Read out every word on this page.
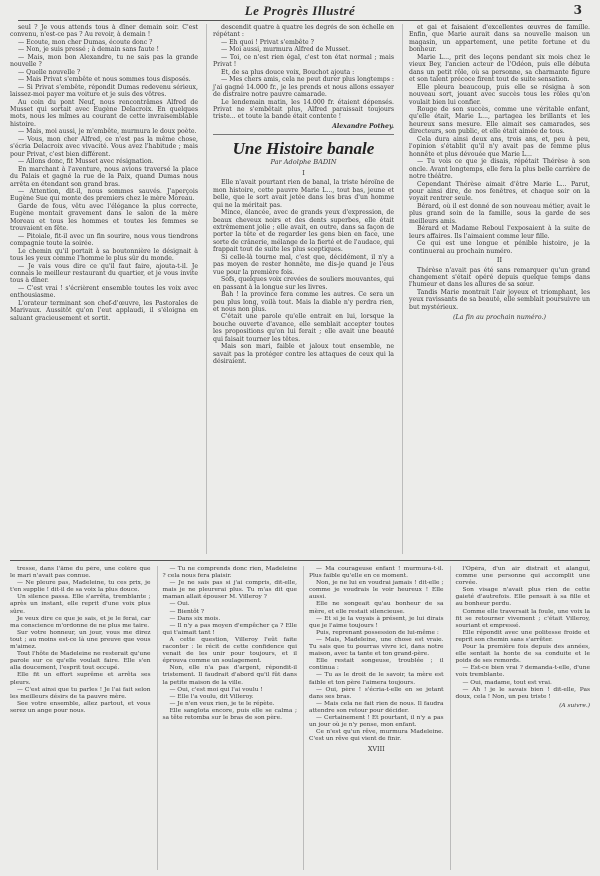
Le Progrès Illustré	3

seul ? Je vous attends tous à dîner demain soir. C'est convenu, n'est-ce pas ? Au revoir, à demain !

— Ecoute, mon cher Dumas, écoute donc ?

— Non, je suis pressé ; à demain sans faute !

— Mais, mon bon Alexandre, tu ne sais pas la grande nouvelle ?

— Quelle nouvelle ?

— Mais Privat s'embête et nous sommes tous disposés.

— Si Privat s'embête, répondit Dumas redevenu sérieux, laissez-moi payer ma voiture et je suis des vôtres.

Au coin du pont Neuf, nous rencontrâmes Alfred de Musset qui sortait avec Eugène Delacroix. En quelques mots, nous les mîmes au courant de cette invraisemblable histoire.

— Mais, moi aussi, je m'embête, murmura le doux poète.

— Vous, mon cher Alfred, ce n'est pas la même chose, s'écria Delacroix avec vivacité. Vous avez l'habitude ; mais pour Privat, c'est bien différent.

— Allons donc, fit Musset avec résignation.

En marchant à l'aventure, nous avions traversé la place du Palais et gagné la rue de la Paix, quand Dumas nous arrêta en étendant son grand bras.

— Attention, dit-il, nous sommes sauvés. J'aperçois Eugène Sue qui monte des premiers chez le mère Moreau.

Garde de fous, vêtu avec l'élégance la plus correcte, Eugène montait gravement dans le salon de la mère Moreau et tous les hommes et toutes les femmes se trouvaient en fête.

— Pitoiale, fit-il avec un fin sourire, nous vous tiendrons compagnie toute la soirée.

Le chemin qu'il portait à sa boutonnière le désignait à tous les yeux comme l'homme le plus sûr du monde.

— Je vais vous dire ce qu'il faut faire, ajouta-t-il. Je connais le meilleur restaurant du quartier, et je vous invite tous à dîner.

— C'est vrai ! s'écrièrent ensemble toutes les voix avec enthousiasme.

L'orateur terminant son chef-d'œuvre, les Pastorales de Marivaux. Aussitôt qu'on l'eut applaudi, il s'éloigna en saluant gracieusement et sortit.

descendit quatre à quatre les degrés de son échelle en répétant :

— Eh quoi ! Privat s'embête ?

— Moi aussi, murmura Alfred de Musset.

— Toi, ce n'est rien égal, c'est ton état normal ; mais Privat !

Et, de sa plus douce voix, Bouchot ajouta :

— Mes chers amis, cela ne peut durer plus longtemps : j'ai gagné 14.000 fr., je les prends et nous allons essayer de distraire notre pauvre camarade.

Le lendemain matin, les 14.000 fr. étaient dépensés. Privat ne s'embêtait plus, Alfred paraissait toujours triste... et toute la bande était contente !

Alexandre Pothey.

Une Histoire banale
Par Adolphe BADIN

I

Elle n'avait pourtant rien de banal, la triste héroïne de mon histoire, cette pauvre Marie L..., tout bas, jeune et belle, que le sort avait jetée dans les bras d'un homme qui ne la méritait pas.

Mince, élancée, avec de grands yeux d'expression, de beaux cheveux noirs et des dents superbes, elle était extrêmement jolie ; elle avait, en outre, dans sa façon de porter la tête et de regarder les gens bien en face, une sorte de crânerie, mélange de la fierté et de l'audace, qui frappait tout de suite les plus sceptiques.

Si celle-là tourne mal, c'est que, décidément, il n'y a pas moyen de rester honnête, me dis-je quand je l'eus vue pour la première fois.

Sofs, quelques voix crevées de souliers mouvantes, qui en passant à la longue sur les livres.

Bah ! la province fera comme les autres. Ce sera un peu plus long, voilà tout. Mais la diable n'y perdra rien, et nous non plus.

C'était une parole qu'elle entrait en lui, lorsque la bouche ouverte d'avance, elle semblait accepter toutes les propositions qu'on lui ferait ; elle avait une beauté qui faisait tourner les têtes.

Mais son mari, faible et jaloux tout ensemble, ne savait pas la protéger contre les attaques de ceux qui la désiraient.

et gai et faisaient d'excellentes œuvres de famille. Enfin, que Marie aurait dans sa nouvelle maison un magasin, un appartement, une petite fortune et du bonheur.

Marie L..., prit des leçons pendant six mois chez le vieux Bey, l'ancien acteur de l'Odéon, puis elle débuta dans un petit rôle, où sa personne, sa charmante figure et son talent précoce firent tout de suite sensation.

Elle pleura beaucoup, puis elle se résigna à son nouveau sort, jouant avec succès tous les rôles qu'on voulait bien lui confier.

Rouge de son succès, comme une véritable enfant, qu'elle était, Marie L..., partagea les brillants et les heureux sans mesure. Elle aimait ses camarades, ses directeurs, son public, et elle était aimée de tous.

Cela dura ainsi deux ans, trois ans, et, peu à peu, l'opinion s'établit qu'il n'y avait pas de femme plus honnête et plus dévouée que Marie L...

— Tu vois ce que je disais, répétait Thérèse à son oncle. Avant longtemps, elle fera la plus belle carrière de notre théâtre.

Cependant Thérèse aimait d'être Marie L... Parut, pour ainsi dire, de nos fenêtres, et chaque soir on la voyait rentrer seule.

Bérard, où il est donné de son nouveau métier, avait le plus grand soin de la famille, sous la garde de ses meilleurs amis.

Bérard et Madame Reboul l'exposaient à la suite de leurs affaires. Ils l'aimaient comme leur fille.

Ce qui est une longue et pénible histoire, je la continuerai au prochain numéro.

II

Thérèse n'avait pas été sans remarquer qu'un grand changement s'était opéré depuis quelque temps dans l'humeur et dans les allures de sa sœur.

Tandis Marie montrait l'air joyeux et triomphant, les yeux ravissants de sa beauté, elle semblait poursuivre un but mystérieux.

(La fin au prochain numéro.)

tresse, dans l'âme du père, une colère que le mari n'avait pas connue.

— Ne pleure pas, Madeleine, tu ces prix, je t'en supplie ! dit-il de sa voix la plus douce.

Un silence passa. Elle s'arrêta, tremblante ; après un instant, elle reprit d'une voix plus sûre.

Je veux dire ce que je sais, et je le ferai, car ma conscience m'ordonne de ne plus me taire.

Sur votre honneur, un jour, vous me direz tout ; au moins est-ce là une preuve que vous m'aimez.

Tout l'hôte de Madeleine ne resterait qu'une parole sur ce qu'elle voulait faire. Elle s'en alla doucement, l'esprit tout occupé.

Elle fit un effort suprême et arrêta ses pleurs.

— C'est ainsi que tu parles ! Je l'ai fait selon les meilleurs désirs de ta pauvre mère.

See votre ensemble, allez partout, et vous serez un ange pour nous.

— Tu ne comprends donc rien, Madeleine ? cela nous fera plaisir.

— Je ne sais pas si j'ai compris, dit-elle, mais je ne pleurerai plus. Tu m'as dit que maman allait épouser M. Villeroy ?

— Oui.

— Bientôt ?

— Dans six mois.

— Il n'y a pas moyen d'empêcher ça ? Elle qui t'aimait tant !

A cette question, Villeroy l'eût faite raconter : le récit de cette confidence qui venait de les unir pour toujours, et il éprouva comme un soulagement.

Non, elle n'a pas d'argent, répondit-il tristement. Il faudrait d'abord qu'il fût dans la petite maison de la ville.

— Oui, c'est moi qui l'ai voulu !

— Elle l'a voulu, dit Villeroy.

— Je n'en veux rien, je te le répète.

Elle sanglota encore, puis elle se calma ; sa tête retomba sur le bras de son père.

— Ma courageuse enfant ! murmura-t-il. Plus faible qu'elle en ce moment.

Non, je ne lui en voudrai jamais ! dit-elle ; comme je voudrais le voir heureux ! Elle aussi.

Elle ne songeait qu'au bonheur de sa mère, et elle restait silencieuse.

— Et si je la voyais à présent, je lui dirais que je l'aime toujours !

Puis, reprenant possession de lui-même :

— Mais, Madeleine, une chose est vraie. Tu sais que tu pourras vivre ici, dans notre maison, avec ta tante et ton grand-père.

Elle restait songeuse, troublée ; il continua :

— Tu as le droit de le savoir, ta mère est faible et ton père l'aimera toujours.

— Oui, père ! s'écria-t-elle en se jetant dans ses bras.

— Mais cela ne fait rien de nous. Il faudra attendre son retour pour décider.

— Certainement ! Et pourtant, il n'y a pas un jour où je n'y pense, mon enfant.

Ce n'est qu'un rêve, murmura Madeleine. C'est un rêve qui vient de finir.

XVIII

l'Opéra, d'un air distrait et alangui, comme une personne qui accomplit une corvée.

Son visage n'avait plus rien de cette gaieté d'autrefois. Elle pensait à sa fille et au bonheur perdu.

Comme elle traversait la foule, une voix la fit se retourner vivement ; c'était Villeroy, souriant et empressé.

Elle répondit avec une politesse froide et reprit son chemin sans s'arrêter.

Pour la première fois depuis des années, elle sentait la honte de sa conduite et le poids de ses remords.

— Est-ce bien vrai ? demanda-t-elle, d'une voix tremblante.

— Oui, madame, tout est vrai.

— Ah ! je le savais bien ! dit-elle, Pas doux, cela ! Non, un peu triste !

(A suivre.)
